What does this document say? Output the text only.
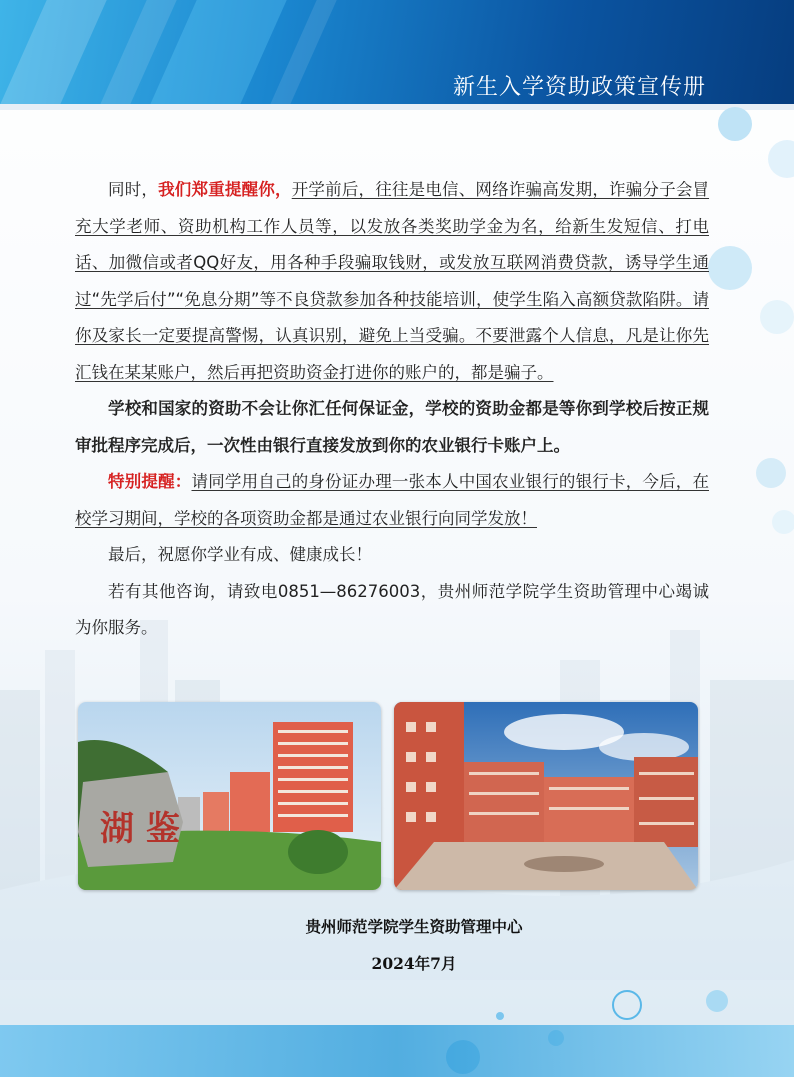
新生入学资助政策宣传册

同时，我们郑重提醒你，开学前后，往往是电信、网络诈骗高发期，诈骗分子会冒充大学老师、资助机构工作人员等，以发放各类奖助学金为名，给新生发短信、打电话、加微信或者QQ好友，用各种手段骗取钱财，或发放互联网消费贷款，诱导学生通过“先学后付”“免息分期”等不良贷款参加各种技能培训，使学生陷入高额贷款陷阱。请你及家长一定要提高警惕，认真识别，避免上当受骗。不要泄露个人信息，凡是让你先汇钱在某某账户，然后再把资助资金打进你的账户的，都是骗子。

学校和国家的资助不会让你汇任何保证金，学校的资助金都是等你到学校后按正规审批程序完成后，一次性由银行直接发放到你的农业银行卡账户上。

特别提醒：请同学用自己的身份证办理一张本人中国农业银行的银行卡，今后，在校学习期间，学校的各项资助金都是通过农业银行向同学发放！

最后，祝愿你学业有成、健康成长！

若有其他咨询，请致电0851—86276003，贵州师范学院学生资助管理中心竭诚为你服务。

湖 鉴
贵州师范学院学生资助管理中心
2024年7月
